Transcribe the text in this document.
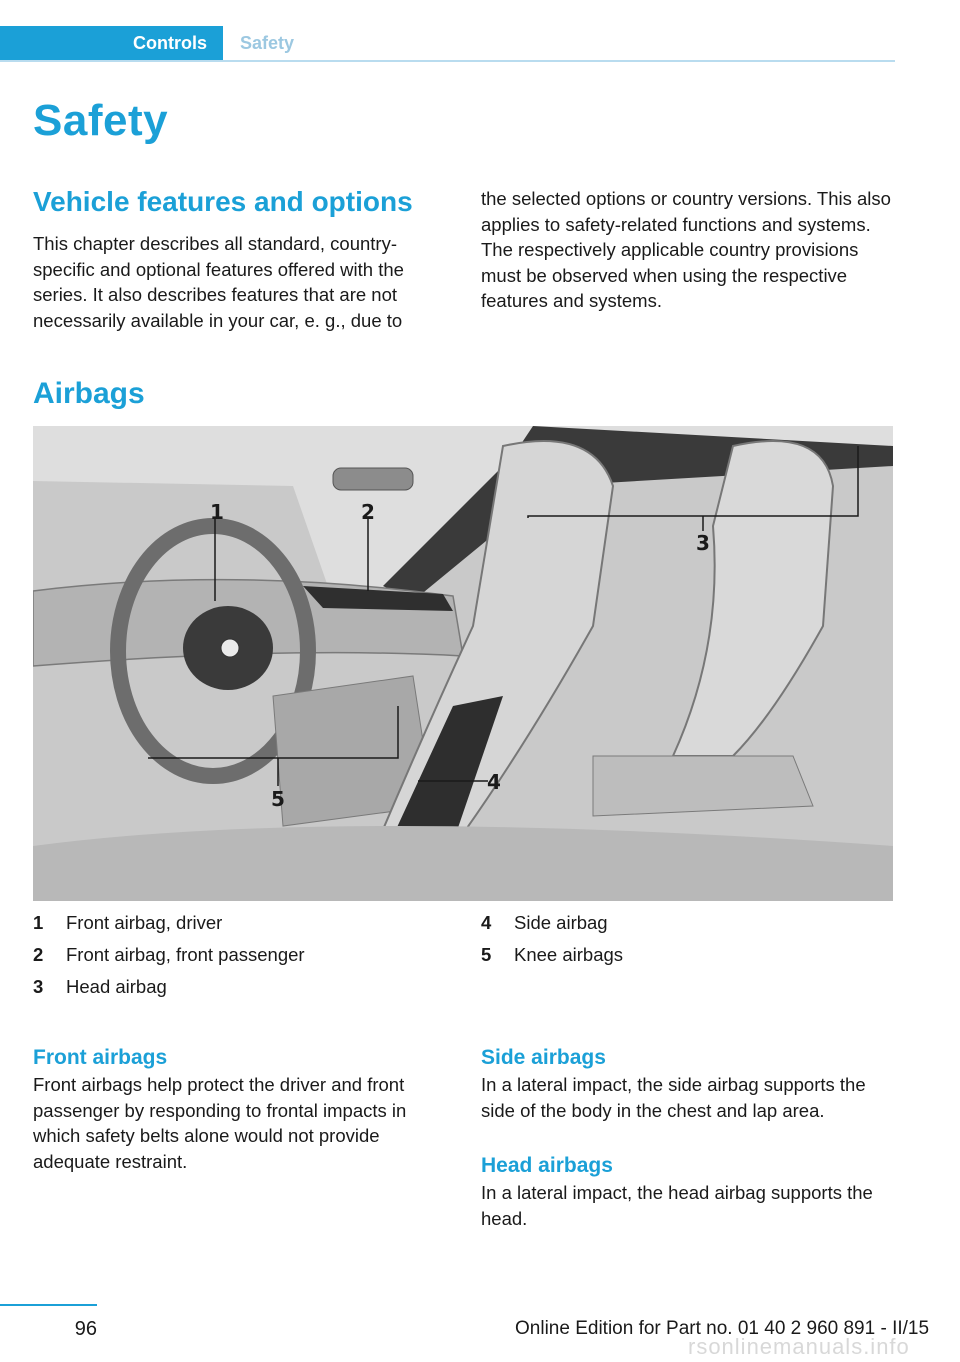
Controls	Safety
Safety
Vehicle features and options

This chapter describes all standard, country-specific and optional features offered with the series. It also describes features that are not necessarily available in your car, e. g., due to

the selected options or country versions. This also applies to safety-related functions and systems. The respectively applicable country provisions must be observed when using the respective features and systems.

Airbags
1	2
3
4
5
1	Front airbag, driver
2	Front airbag, front passenger
3	Head airbag
4	Side airbag
5	Knee airbags
Front airbags

Front airbags help protect the driver and front passenger by responding to frontal impacts in which safety belts alone would not provide adequate restraint.

Side airbags

In a lateral impact, the side airbag supports the side of the body in the chest and lap area.

Head airbags

In a lateral impact, the head airbag supports the head.

96	Online Edition for Part no. 01 40 2 960 891 - II/15
rsonlinemanuals.info
